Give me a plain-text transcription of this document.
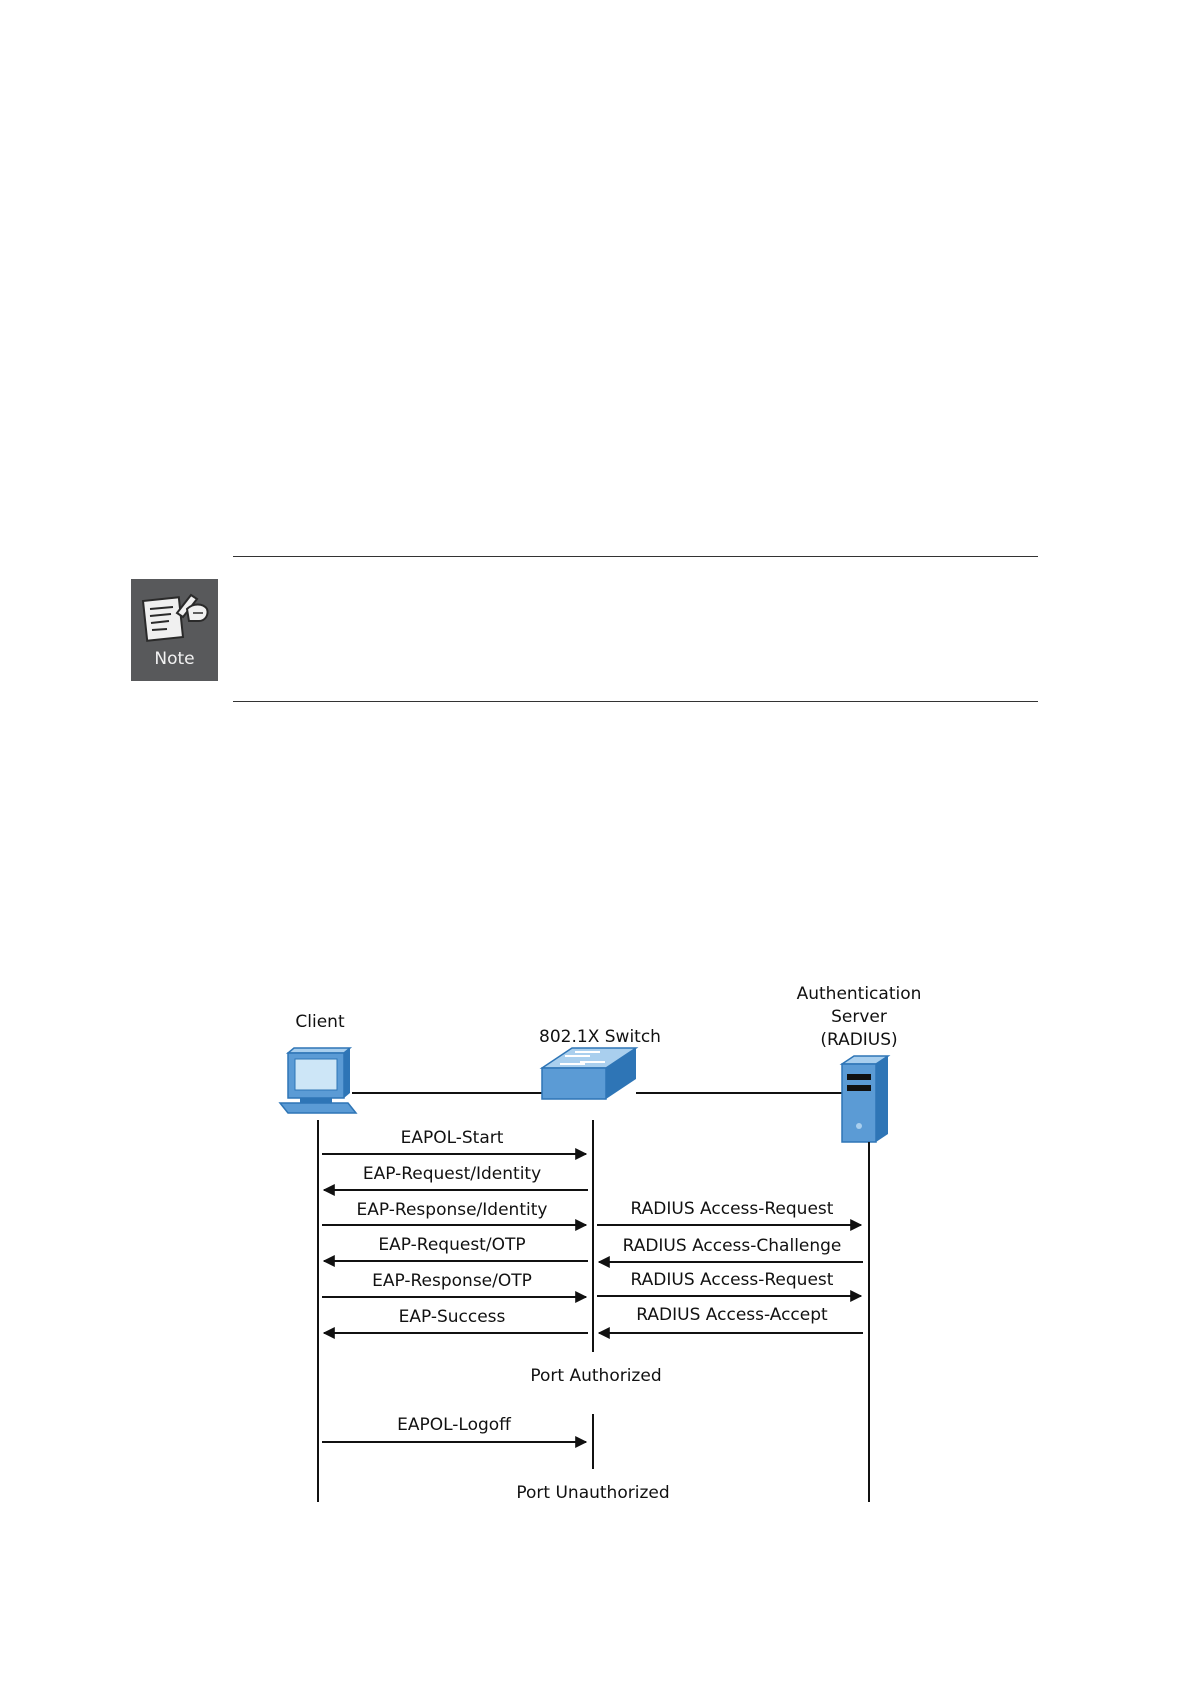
Note
Client
802.1X Switch
Authentication
Server
(RADIUS)
EAPOL-Start
EAP-Request/Identity
EAP-Response/Identity
EAP-Request/OTP
EAP-Response/OTP
EAP-Success
RADIUS Access-Request
RADIUS Access-Challenge
RADIUS Access-Request
RADIUS Access-Accept
Port Authorized
EAPOL-Logoff
Port Unauthorized
